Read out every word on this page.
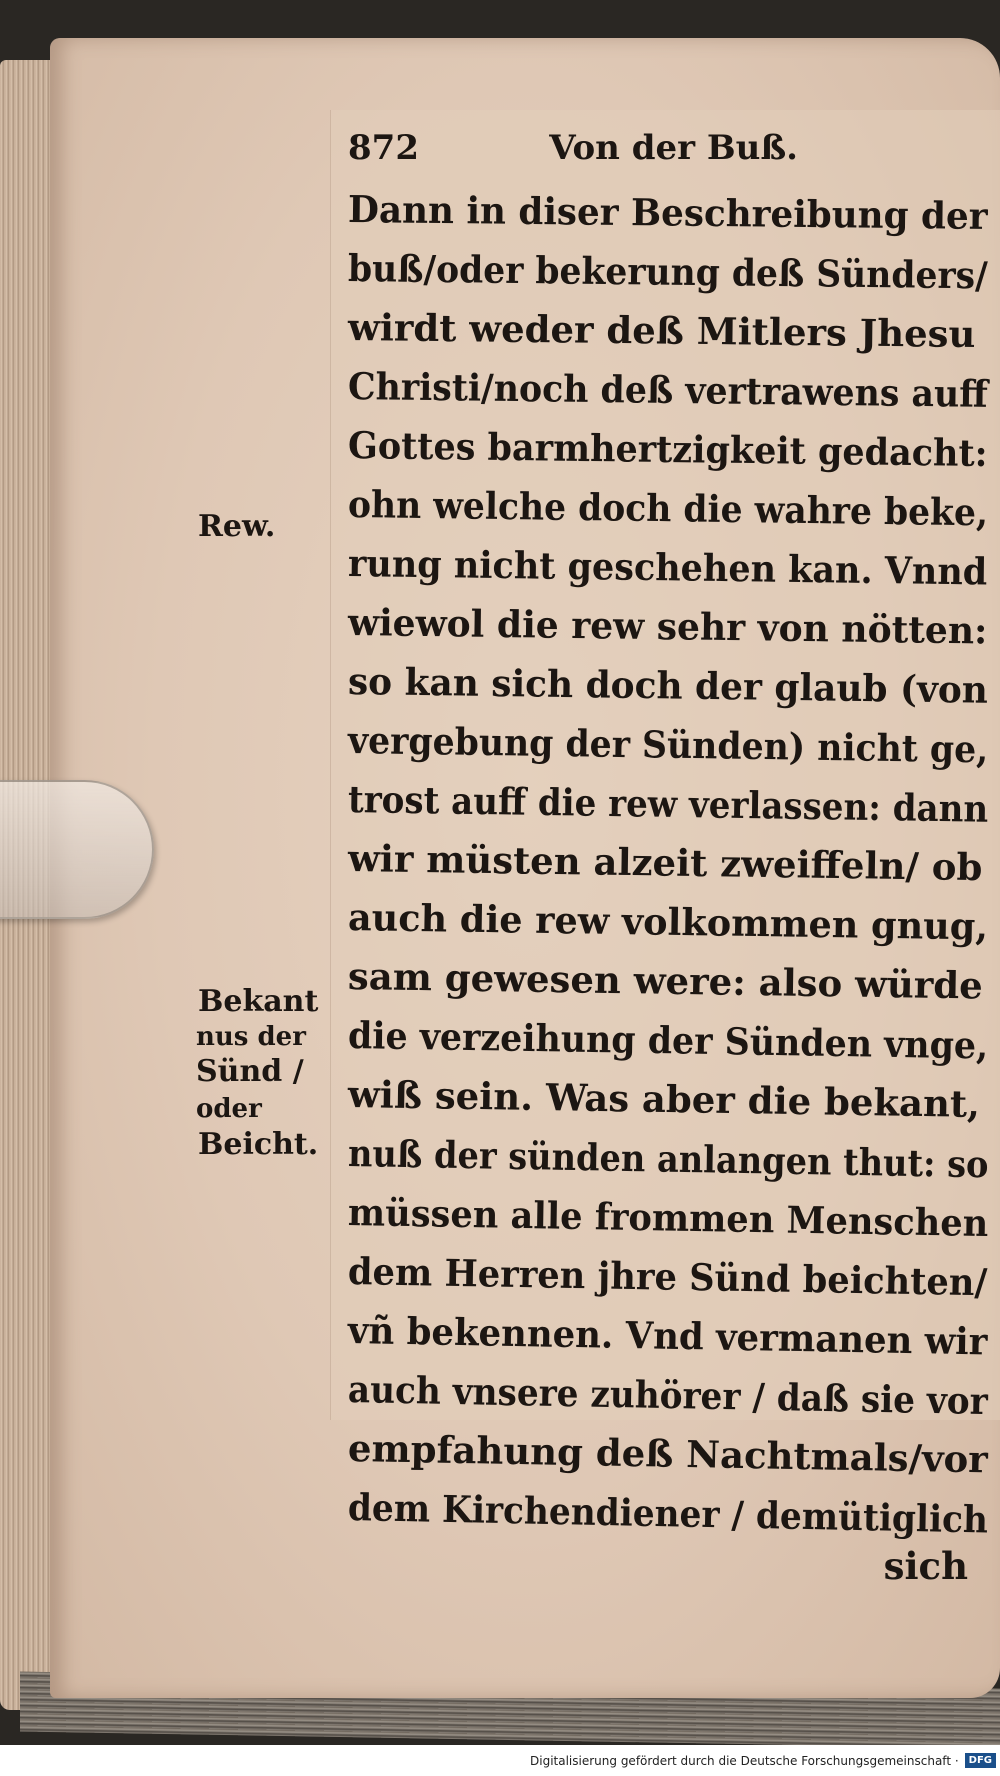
872	Von der Buß.
Dann in diser Beschreibung der
buß/oder bekerung deß Sünders/
wirdt weder deß Mitlers Jhesu
Christi/noch deß vertrawens auff
Gottes barmhertzigkeit gedacht:
ohn welche doch die wahre beke,
rung nicht geschehen kan. Vnnd
wiewol die rew sehr von nötten:
so kan sich doch der glaub (von
vergebung der Sünden) nicht ge,
trost auff die rew verlassen: dann
wir müsten alzeit zweiffeln/ ob
auch die rew volkommen gnug,
sam gewesen were: also würde
die verzeihung der Sünden vnge,
wiß sein. Was aber die bekant,
nuß der sünden anlangen thut: so
müssen alle frommen Menschen
dem Herren jhre Sünd beichten/
vñ bekennen. Vnd vermanen wir
auch vnsere zuhörer / daß sie vor
empfahung deß Nachtmals/vor
dem Kirchendiener / demütiglich
sich
Rew.
Bekant
nus der
Sünd /
oder
Beicht.
Digitalisierung gefördert durch die Deutsche Forschungsgemeinschaft ·	DFG
